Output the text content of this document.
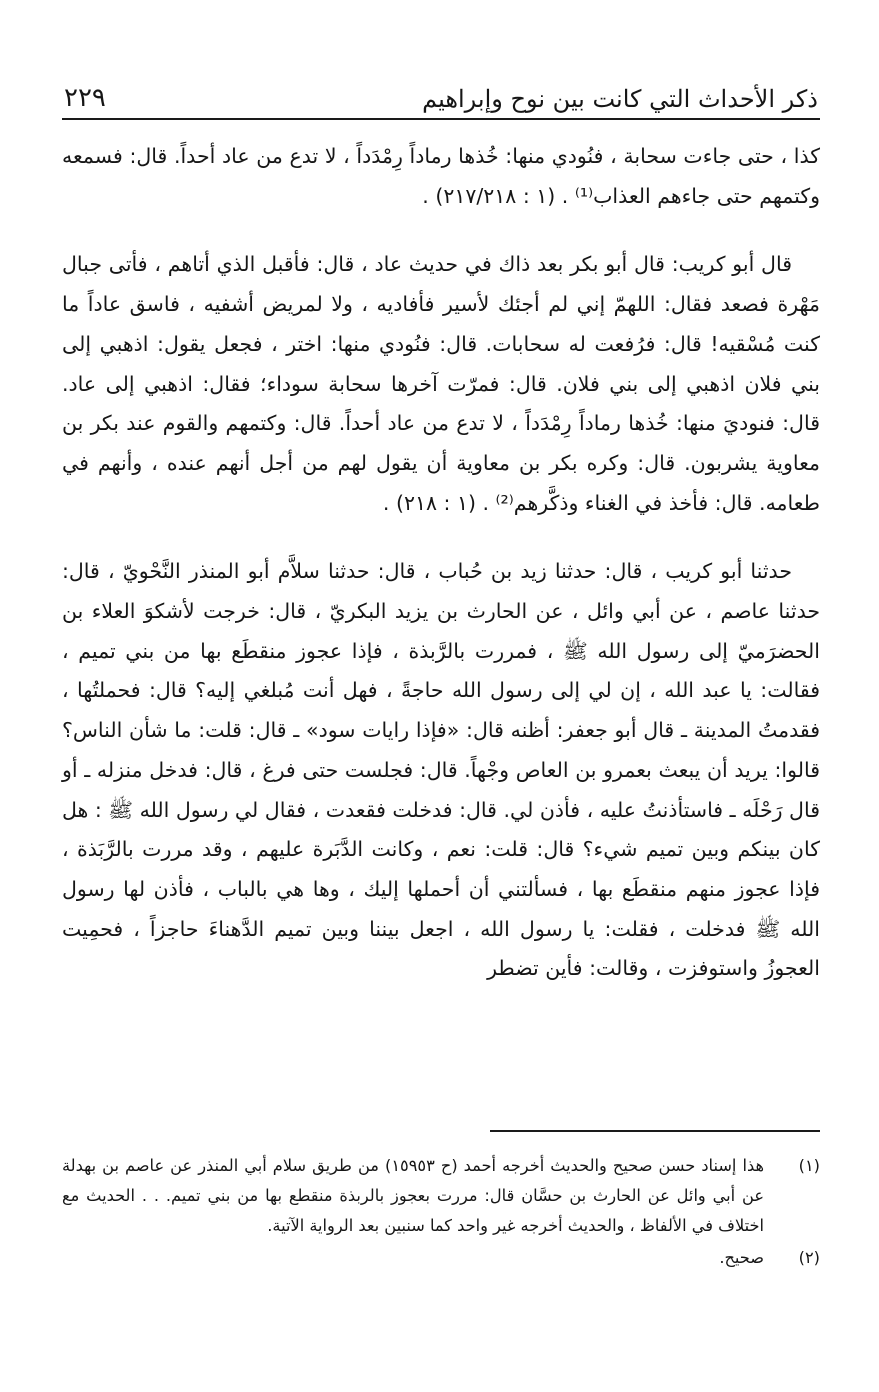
ذكر الأحداث التي كانت بين نوح وإبراهيم
٢٢٩

كذا ، حتى جاءت سحابة ، فنُودي منها: خُذها رماداً رِمْدَداً ، لا تدع من عاد أحداً. قال: فسمعه وكتمهم حتى جاءهم العذاب⁽¹⁾ . (١ : ٢١٧/٢١٨) .

قال أبو كريب: قال أبو بكر بعد ذاك في حديث عاد ، قال: فأقبل الذي أتاهم ، فأتى جبال مَهْرة فصعد فقال: اللهمّ إني لم أجئك لأسير فأفاديه ، ولا لمريض أشفيه ، فاسق عاداً ما كنت مُسْقيه! قال: فرُفعت له سحابات. قال: فنُودي منها: اختر ، فجعل يقول: اذهبي إلى بني فلان اذهبي إلى بني فلان. قال: فمرّت آخرها سحابة سوداء؛ فقال: اذهبي إلى عاد. قال: فنوديَ منها: خُذها رماداً رِمْدَداً ، لا تدع من عاد أحداً. قال: وكتمهم والقوم عند بكر بن معاوية يشربون. قال: وكره بكر بن معاوية أن يقول لهم من أجل أنهم عنده ، وأنهم في طعامه. قال: فأخذ في الغناء وذكَّرهم⁽²⁾ . (١ : ٢١٨) .

حدثنا أبو كريب ، قال: حدثنا زيد بن حُباب ، قال: حدثنا سلاَّم أبو المنذر النَّحْويّ ، قال: حدثنا عاصم ، عن أبي وائل ، عن الحارث بن يزيد البكريّ ، قال: خرجت لأشكوَ العلاء بن الحضرَميّ إلى رسول الله ﷺ ، فمررت بالرَّبذة ، فإذا عجوز منقطَع بها من بني تميم ، فقالت: يا عبد الله ، إن لي إلى رسول الله حاجةً ، فهل أنت مُبلغي إليه؟ قال: فحملتُها ، فقدمتُ المدينة ـ قال أبو جعفر: أظنه قال: «فإذا رايات سود» ـ قال: قلت: ما شأن الناس؟ قالوا: يريد أن يبعث بعمرو بن العاص وجْهاً. قال: فجلست حتى فرغ ، قال: فدخل منزله ـ أو قال رَحْلَه ـ فاستأذنتُ عليه ، فأذن لي. قال: فدخلت فقعدت ، فقال لي رسول الله ﷺ : هل كان بينكم وبين تميم شيء؟ قال: قلت: نعم ، وكانت الدَّبَرة عليهم ، وقد مررت بالرَّبَذة ، فإذا عجوز منهم منقطَع بها ، فسألتني أن أحملها إليك ، وها هي بالباب ، فأذن لها رسول الله ﷺ فدخلت ، فقلت: يا رسول الله ، اجعل بيننا وبين تميم الدَّهناءَ حاجزاً ، فحمِيت العجوزُ واستوفزت ، وقالت: فأين تضطر

(١)
هذا إسناد حسن صحيح والحديث أخرجه أحمد (ح ١٥٩٥٣) من طريق سلام أبي المنذر عن عاصم بن بهدلة عن أبي وائل عن الحارث بن حسَّان قال: مررت بعجوز بالربذة منقطع بها من بني تميم. . . الحديث مع اختلاف في الألفاظ ، والحديث أخرجه غير واحد كما سنبين بعد الرواية الآتية.
(٢)
صحيح.
